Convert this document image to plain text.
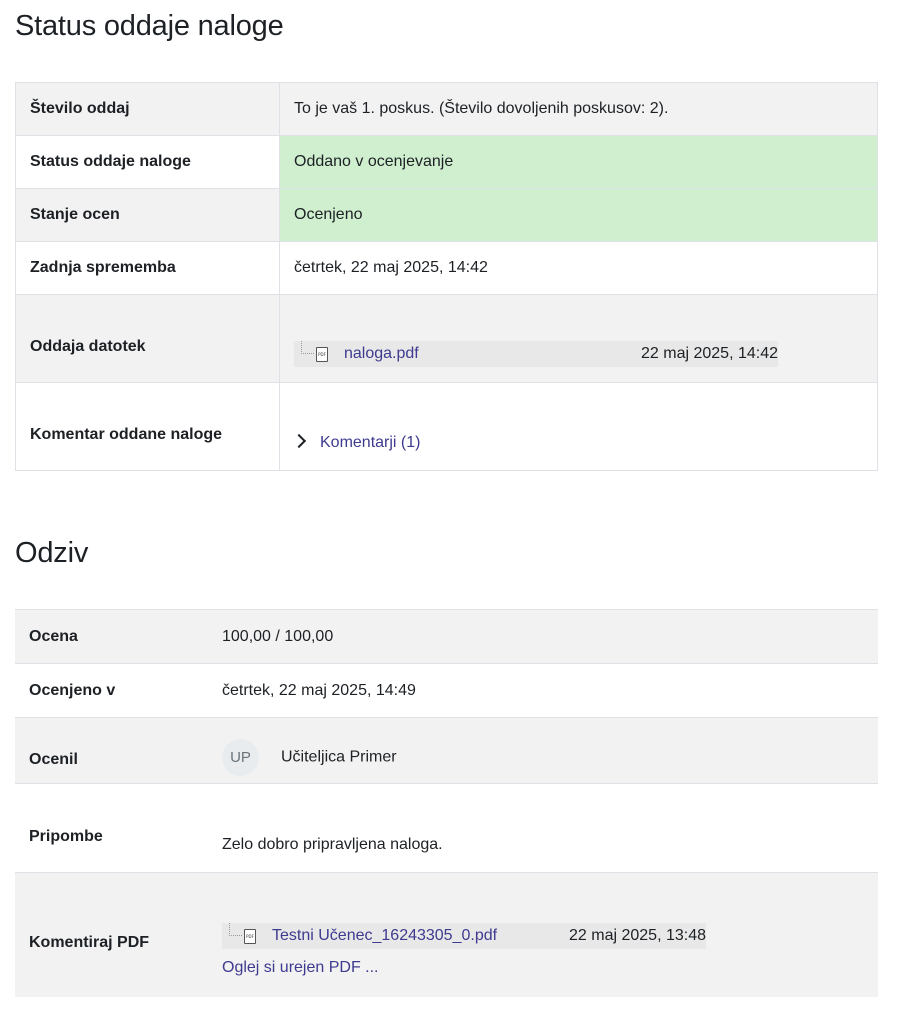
Status oddaje naloge
Število oddaj	To je vaš 1. poskus. (Število dovoljenih poskusov: 2).
Status oddaje naloge	Oddano v ocenjevanje
Stanje ocen	Ocenjeno
Zadnja sprememba	četrtek, 22 maj 2025, 14:42
Oddaja datotek	PDF naloga.pdf 22 maj 2025, 14:42

Komentar oddane naloge	Komentarji (1)
Odziv
Ocena	100,00 / 100,00
Ocenjeno v	četrtek, 22 maj 2025, 14:49
Ocenil	UP Učiteljica Primer
Pripombe	Zelo dobro pripravljena naloga.
Komentiraj PDF	PDF Testni Učenec_16243305_0.pdf 22 maj 2025, 13:48
Oglej si urejen PDF ...
